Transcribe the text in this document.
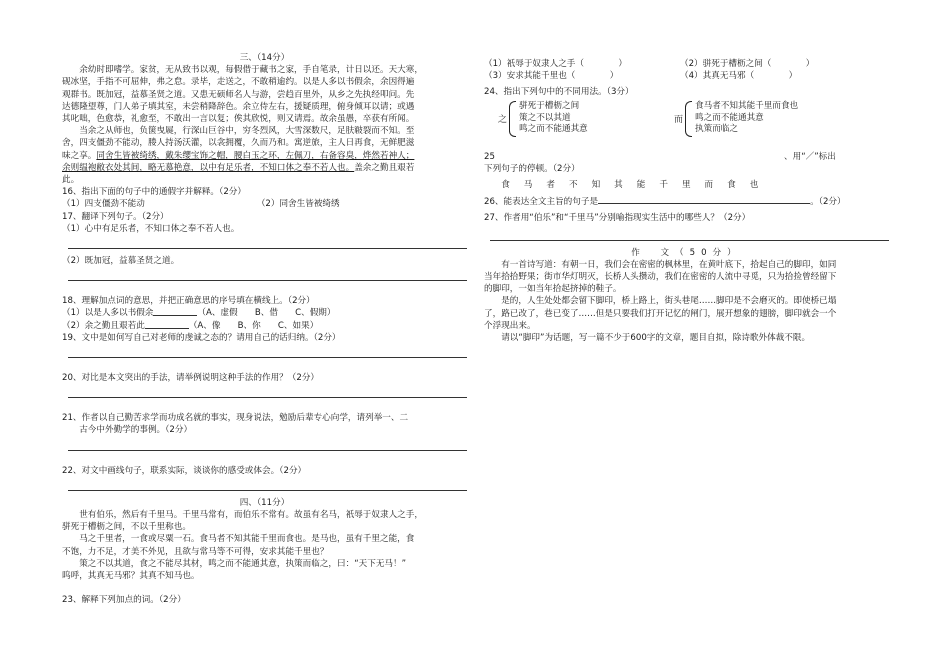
三、（14分）
余幼时即嗜学。家贫，无从致书以观，每假借于藏书之家，手自笔录，计日以还。天大寒，
砚冰坚，手指不可屈伸，弗之怠。录毕，走送之，不敢稍逾约。以是人多以书假余，余因得遍
观群书。既加冠，益慕圣贤之道。又患无硕师名人与游，尝趋百里外，从乡之先执经叩问。先
达德隆望尊，门人弟子填其室，未尝稍降辞色。余立侍左右，援疑质理，俯身倾耳以请；或遇
其叱咄，色愈恭，礼愈至，不敢出一言以复；俟其欣悦，则又请焉。故余虽愚，卒获有所闻。
当余之从师也，负箧曳屣，行深山巨谷中，穷冬烈风，大雪深数尺，足肤皲裂而不知。至
舍，四支僵劲不能动，媵人持汤沃灌，以衾拥覆，久而乃和。寓逆旅，主人日再食，无鲜肥滋
味之享。同舍生皆被绮绣，戴朱缨宝饰之帽，腰白玉之环，左佩刀，右备容臭，烨然若神人；
余则缊袍敝衣处其间，略无慕艳意，以中有足乐者，不知口体之奉不若人也。盖余之勤且艰若
此。
16、指出下面的句子中的通假字并解释。（2分）
（1）四支僵劲不能动	（2）同舍生皆被绮绣
17、翻译下列句子。（2分）
（1）心中有足乐者，不知口体之奉不若人也。
（2）既加冠，益慕圣贤之道。
18、理解加点词的意思，并把正确意思的序号填在横线上。（2分）
（1）以是人多以书假余	（A、虚假　　B、借　　C、假期）
（2）余之勤且艰若此	（A、像　　B、你　　C、如果）
19、文中是如何写自己对老师的虔诚之态的？请用自己的话归纳。（2分）
20、对比是本文突出的手法，请举例说明这种手法的作用？（2分）
21、作者以自己勤苦求学而功成名就的事实，现身说法，勉励后辈专心向学，请列举一、二
古今中外勤学的事例。（2分）
22、对文中画线句子，联系实际，谈谈你的感受或体会。（2分）
四、（11分）
世有伯乐，然后有千里马。千里马常有，而伯乐不常有。故虽有名马，祇辱于奴隶人之手，
骈死于槽枥之间，不以千里称也。
马之千里者，一食或尽粟一石。食马者不知其能千里而食也。是马也，虽有千里之能，食
不饱，力不足，才美不外见，且欲与常马等不可得，安求其能千里也？
策之不以其道，食之不能尽其材，鸣之而不能通其意，执策而临之，曰：“天下无马！”
呜呼，其真无马邪？其真不知马也。
23、解释下列加点的词。（2分）
（1）祇辱于奴隶人之手（　　　　）	（2）骈死于槽枥之间（　　　　）
（3）安求其能千里也（　　　　）	（4）其真无马邪（　　　　）
24、指出下列句中的不同用法。（3分）
之
骈死于槽枥之间
策之不以其道
鸣之而不能通其意
而
食马者不知其能千里而食也
鸣之而不能通其意
执策而临之
25	、用“／”标出
下列句子的停顿。（2分）
食马者不知其能千里而食也
26、能表达全文主旨的句子是	。（2分）
27、作者用“伯乐”和“千里马”分别喻指现实生活中的哪些人？（2分）
作　文（50分）
有一首诗写道：有朝一日，我们会在密密的枫林里，在黄叶底下，拾起自己的脚印，如同
当年拾拾野果；街市华灯明灭，长桥人头攒动，我们在密密的人流中寻觅，只为拾捡曾经留下
的脚印，一如当年拾起挤掉的鞋子。
是的，人生处处都会留下脚印，桥上路上，街头巷尾……脚印是不会磨灭的。即使桥已塌
了，路已改了，巷已变了……但是只要我们打开记忆的闸门，展开想象的翅膀，脚印就会一个
个浮现出来。
请以“脚印”为话题，写一篇不少于600字的文章，题目自拟，除诗歌外体裁不限。
